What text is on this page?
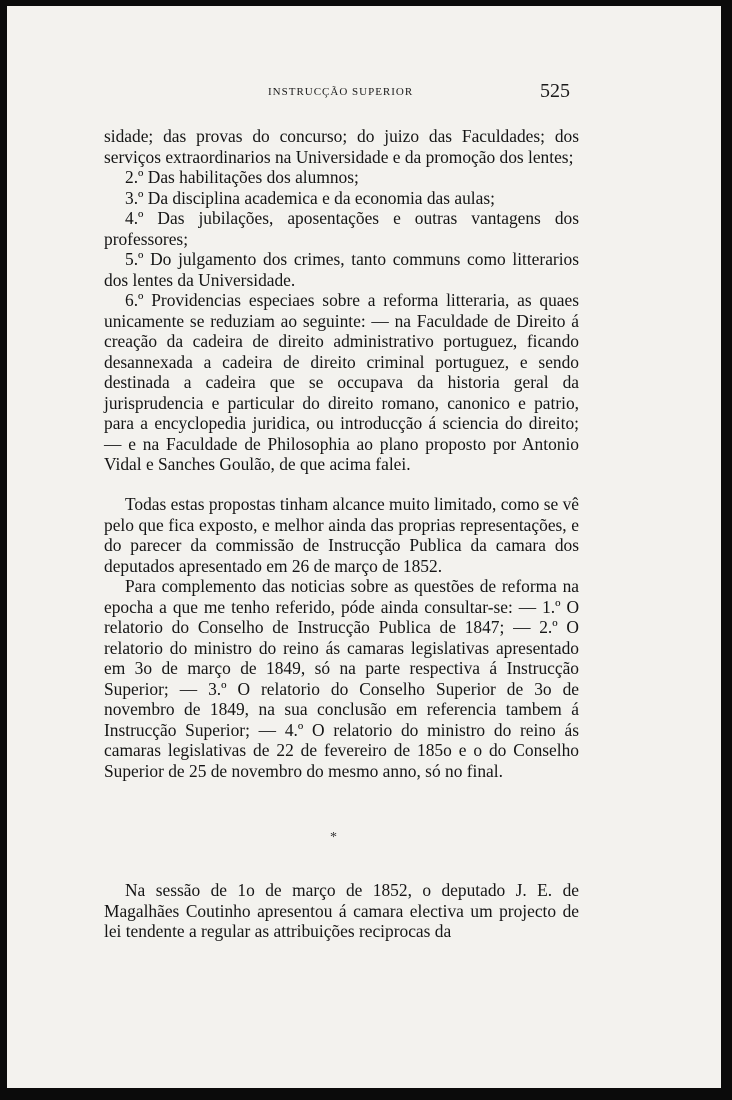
INSTRUCÇÃO SUPERIOR	525

sidade; das provas do concurso; do juizo das Faculdades; dos serviços extraordinarios na Universidade e da promoção dos lentes;

2.º Das habilitações dos alumnos;

3.º Da disciplina academica e da economia das aulas;

4.º Das jubilações, aposentações e outras vantagens dos professores;

5.º Do julgamento dos crimes, tanto communs como litterarios dos lentes da Universidade.

6.º Providencias especiaes sobre a reforma litteraria, as quaes unicamente se reduziam ao seguinte: — na Faculdade de Direito á creação da cadeira de direito administrativo portuguez, ficando desannexada a cadeira de direito criminal portuguez, e sendo destinada a cadeira que se occupava da historia geral da jurisprudencia e particular do direito romano, canonico e patrio, para a encyclopedia juridica, ou introducção á sciencia do direito; — e na Faculdade de Philosophia ao plano proposto por Antonio Vidal e Sanches Goulão, de que acima falei.

Todas estas propostas tinham alcance muito limitado, como se vê pelo que fica exposto, e melhor ainda das proprias representações, e do parecer da commissão de Instrucção Publica da camara dos deputados apresentado em 26 de março de 1852.

Para complemento das noticias sobre as questões de reforma na epocha a que me tenho referido, póde ainda consultar-se: — 1.º O relatorio do Conselho de Instrucção Publica de 1847; — 2.º O relatorio do ministro do reino ás camaras legislativas apresentado em 3o de março de 1849, só na parte respectiva á Instrucção Superior; — 3.º O relatorio do Conselho Superior de 3o de novembro de 1849, na sua conclusão em referencia tambem á Instrucção Superior; — 4.º O relatorio do ministro do reino ás camaras legislativas de 22 de fevereiro de 185o e o do Conselho Superior de 25 de novembro do mesmo anno, só no final.

*

Na sessão de 1o de março de 1852, o deputado J. E. de Magalhães Coutinho apresentou á camara electiva um projecto de lei tendente a regular as attribuições reciprocas da
